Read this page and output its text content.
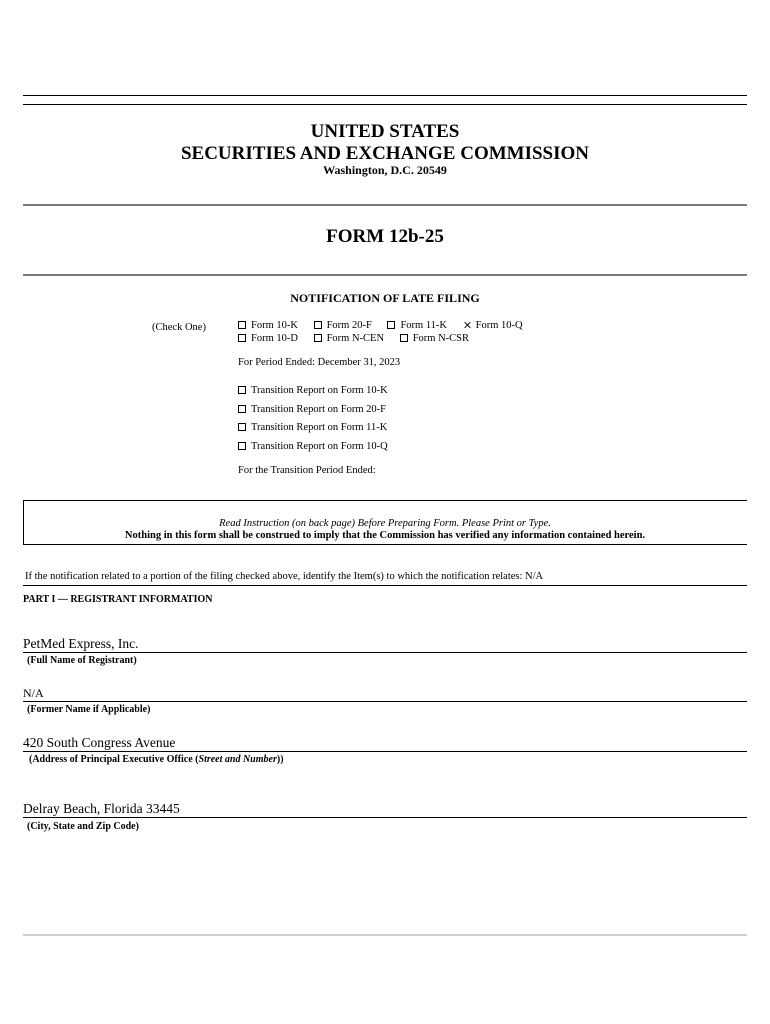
UNITED STATES
SECURITIES AND EXCHANGE COMMISSION
Washington, D.C. 20549
FORM 12b-25
NOTIFICATION OF LATE FILING
(Check One)	Form 10-K	Form 20-F	Form 11-K	Form 10-Q
Form 10-D	Form N-CEN	Form N-CSR
For Period Ended: December 31, 2023
Transition Report on Form 10-K
Transition Report on Form 20-F
Transition Report on Form 11-K
Transition Report on Form 10-Q
For the Transition Period Ended:
Read Instruction (on back page) Before Preparing Form. Please Print or Type.
Nothing in this form shall be construed to imply that the Commission has verified any information contained herein.
If the notification related to a portion of the filing checked above, identify the Item(s) to which the notification relates: N/A
PART I — REGISTRANT INFORMATION
PetMed Express, Inc.
(Full Name of Registrant)
N/A
(Former Name if Applicable)
420 South Congress Avenue
(Address of Principal Executive Office (Street and Number))
Delray Beach, Florida 33445
(City, State and Zip Code)
